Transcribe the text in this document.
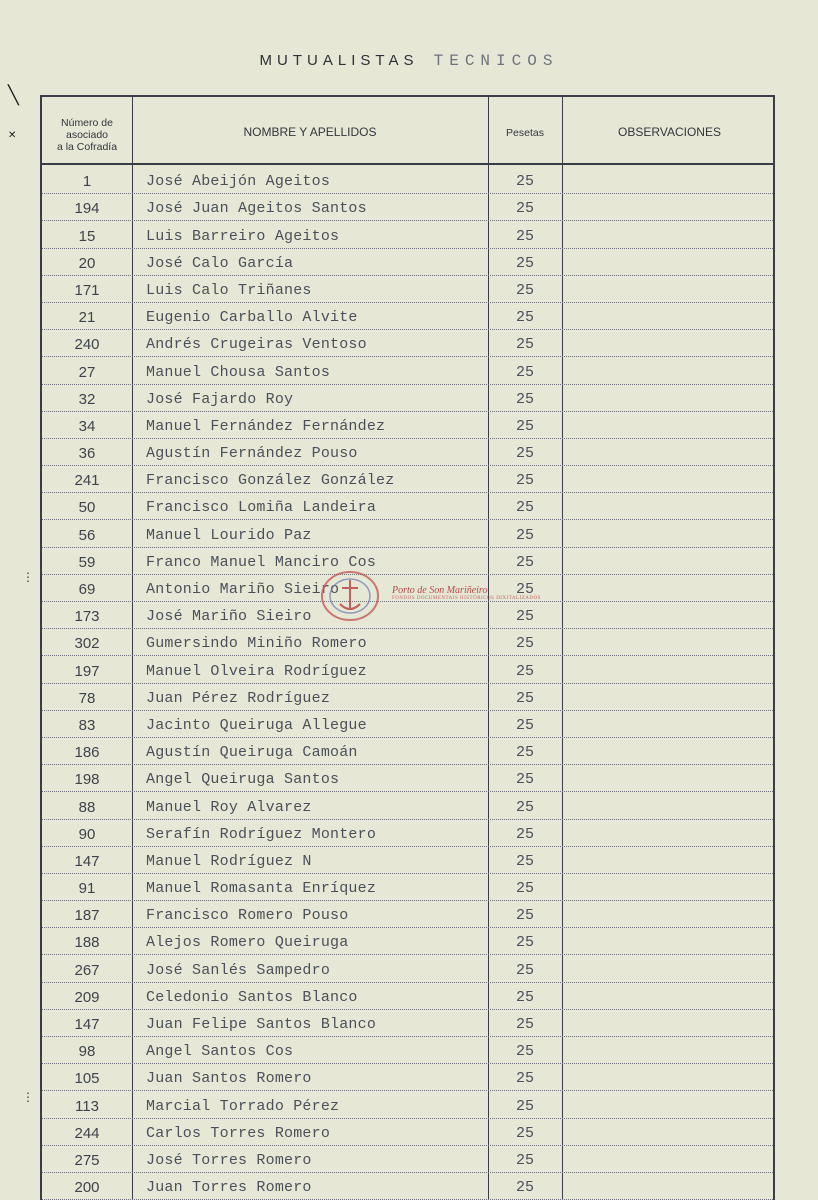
MUTUALISTAS TECNICOS
╲
✕
⋮
⋮
Número de
asociado
a la Cofradía
NOMBRE Y APELLIDOS	Pesetas	OBSERVACIONES
1	José Abeijón Ageitos	25
194	José Juan Ageitos Santos	25
15	Luis Barreiro Ageitos	25
20	José Calo García	25
171	Luis Calo Triñanes	25
21	Eugenio Carballo Alvite	25
240	Andrés Crugeiras Ventoso	25
27	Manuel Chousa Santos	25
32	José Fajardo Roy	25
34	Manuel Fernández Fernández	25
36	Agustín Fernández Pouso	25
241	Francisco González González	25
50	Francisco Lomiña Landeira	25
56	Manuel Lourido Paz	25
59	Franco Manuel Manciro Cos	25
69	Antonio Mariño Sieiro	25
173	José Mariño Sieiro	25
302	Gumersindo Miniño Romero	25
197	Manuel Olveira Rodríguez	25
78	Juan Pérez Rodríguez	25
83	Jacinto Queiruga Allegue	25
186	Agustín Queiruga Camoán	25
198	Angel Queiruga Santos	25
88	Manuel Roy Alvarez	25
90	Serafín Rodríguez Montero	25
147	Manuel Rodríguez N	25
91	Manuel Romasanta Enríquez	25
187	Francisco Romero Pouso	25
188	Alejos Romero Queiruga	25
267	José Sanlés Sampedro	25
209	Celedonio Santos Blanco	25
147	Juan Felipe Santos Blanco	25
98	Angel Santos Cos	25
105	Juan Santos Romero	25
113	Marcial Torrado Pérez	25
244	Carlos Torres Romero	25
275	José Torres Romero	25
200	Juan Torres Romero	25
Porto de Son Mariñeiro
FONDOS DOCUMENTAIS HISTÓRICOS DIXITALIZADOS
